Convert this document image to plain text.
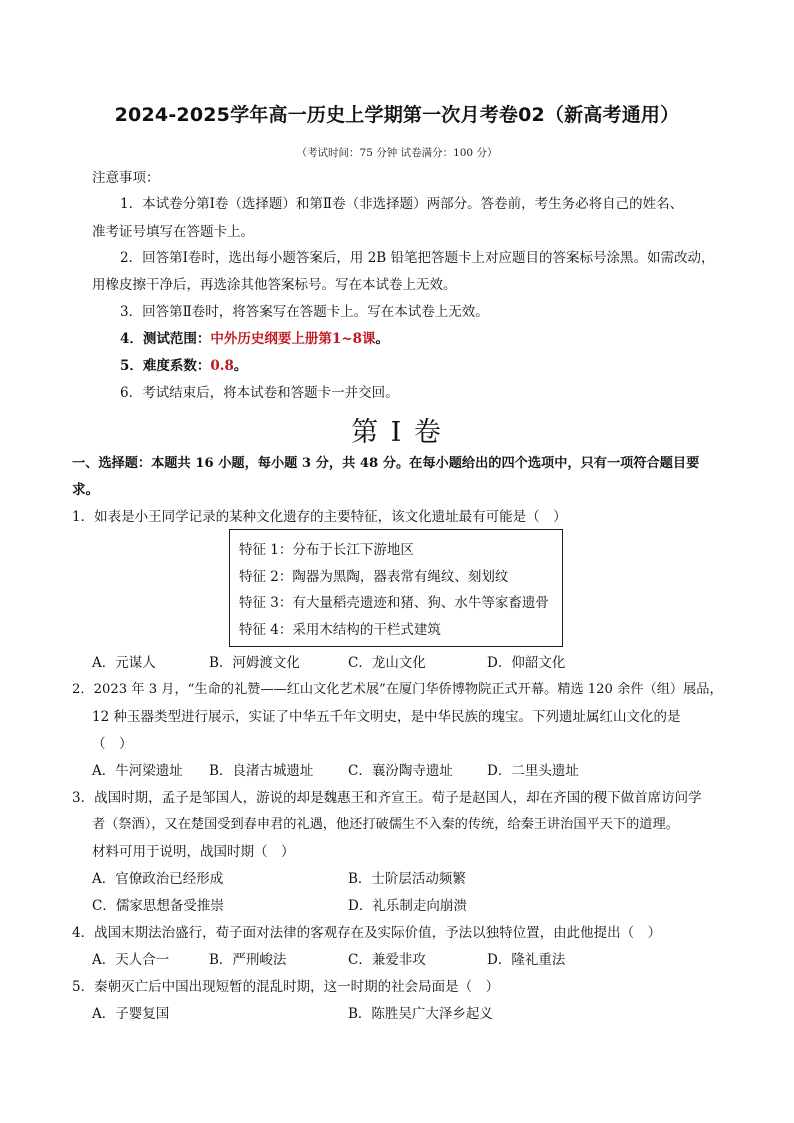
2024-2025学年高一历史上学期第一次月考卷02（新高考通用）
（考试时间：75 分钟 试卷满分：100 分）
注意事项：
1．本试卷分第Ⅰ卷（选择题）和第Ⅱ卷（非选择题）两部分。答卷前，考生务必将自己的姓名、
准考证号填写在答题卡上。
2．回答第Ⅰ卷时，选出每小题答案后，用 2B 铅笔把答题卡上对应题目的答案标号涂黑。如需改动，
用橡皮擦干净后，再选涂其他答案标号。写在本试卷上无效。
3．回答第Ⅱ卷时，将答案写在答题卡上。写在本试卷上无效。
4．测试范围：中外历史纲要上册第1~8课。
5．难度系数：0.8。
6．考试结束后，将本试卷和答题卡一并交回。
第 I 卷
一、选择题：本题共 16 小题，每小题 3 分，共 48 分。在每小题给出的四个选项中，只有一项符合题目要
求。
1．如表是小王同学记录的某种文化遗存的主要特征，该文化遗址最有可能是（　）
特征 1：分布于长江下游地区
特征 2：陶器为黑陶，器表常有绳纹、刻划纹
特征 3：有大量稻壳遗迹和猪、狗、水牛等家畜遗骨
特征 4：采用木结构的干栏式建筑
A．元谋人	B．河姆渡文化	C．龙山文化	D．仰韶文化
2．2023 年 3 月，“生命的礼赞——红山文化艺术展”在厦门华侨博物院正式开幕。精选 120 余件（组）展品，
12 种玉器类型进行展示，实证了中华五千年文明史，是中华民族的瑰宝。下列遗址属红山文化的是
（　）
A．牛河梁遗址 B．良渚古城遗址	C．襄汾陶寺遗址	D．二里头遗址
3．战国时期，孟子是邹国人，游说的却是魏惠王和齐宣王。荀子是赵国人，却在齐国的稷下做首席访问学
者（祭酒），又在楚国受到春申君的礼遇，他还打破儒生不入秦的传统，给秦王讲治国平天下的道理。
材料可用于说明，战国时期（　）
A．官僚政治已经形成	B．士阶层活动频繁
C．儒家思想备受推崇	D．礼乐制走向崩溃
4．战国末期法治盛行，荀子面对法律的客观存在及实际价值，予法以独特位置，由此他提出（　）
A．天人合一	B．严刑峻法	C．兼爱非攻	D．隆礼重法
5．秦朝灭亡后中国出现短暂的混乱时期，这一时期的社会局面是（　）
A．子婴复国	B．陈胜吴广大泽乡起义
